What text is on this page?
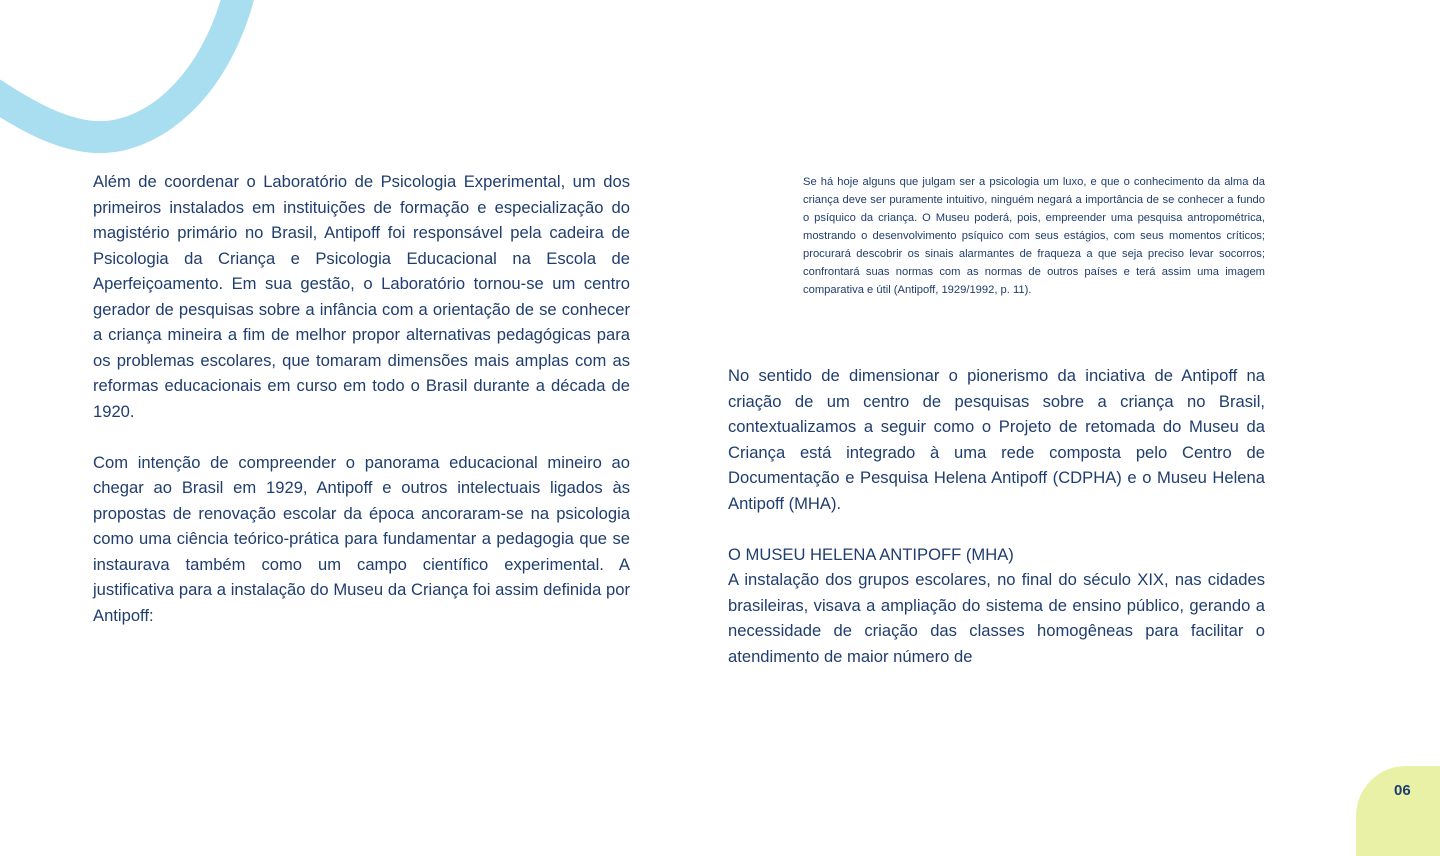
Além de coordenar o Laboratório de Psicologia Experimental, um dos primeiros instalados em instituições de formação e especialização do magistério primário no Brasil, Antipoff foi responsável pela cadeira de Psicologia da Criança e Psicologia Educacional na Escola de Aperfeiçoamento. Em sua gestão, o Laboratório tornou-se um centro gerador de pesquisas sobre a infância com a orientação de se conhecer a criança mineira a fim de melhor propor alternativas pedagógicas para os problemas escolares, que tomaram dimensões mais amplas com as reformas educacionais em curso em todo o Brasil durante a década de 1920.

Com intenção de compreender o panorama educacional mineiro ao chegar ao Brasil em 1929, Antipoff e outros intelectuais ligados às propostas de renovação escolar da época ancoraram-se na psicologia como uma ciência teórico-prática para fundamentar a pedagogia que se instaurava também como um campo científico experimental. A justificativa para a instalação do Museu da Criança foi assim definida por Antipoff:

Se há hoje alguns que julgam ser a psicologia um luxo, e que o conhecimento da alma da criança deve ser puramente intuitivo, ninguém negará a importância de se conhecer a fundo o psíquico da criança. O Museu poderá, pois, empreender uma pesquisa antropométrica, mostrando o desenvolvimento psíquico com seus estágios, com seus momentos críticos; procurará descobrir os sinais alarmantes de fraqueza a que seja preciso levar socorros; confrontará suas normas com as normas de outros países e terá assim uma imagem comparativa e útil (Antipoff, 1929/1992, p. 11).

No sentido de dimensionar o pionerismo da inciativa de Antipoff na criação de um centro de pesquisas sobre a criança no Brasil, contextualizamos a seguir como o Projeto de retomada do Museu da Criança está integrado à uma rede composta pelo Centro de Documentação e Pesquisa Helena Antipoff (CDPHA) e o Museu Helena Antipoff (MHA).

O MUSEU HELENA ANTIPOFF (MHA)

A instalação dos grupos escolares, no final do século XIX, nas cidades brasileiras, visava a ampliação do sistema de ensino público, gerando a necessidade de criação das classes homogêneas para facilitar o atendimento de maior número de

06
